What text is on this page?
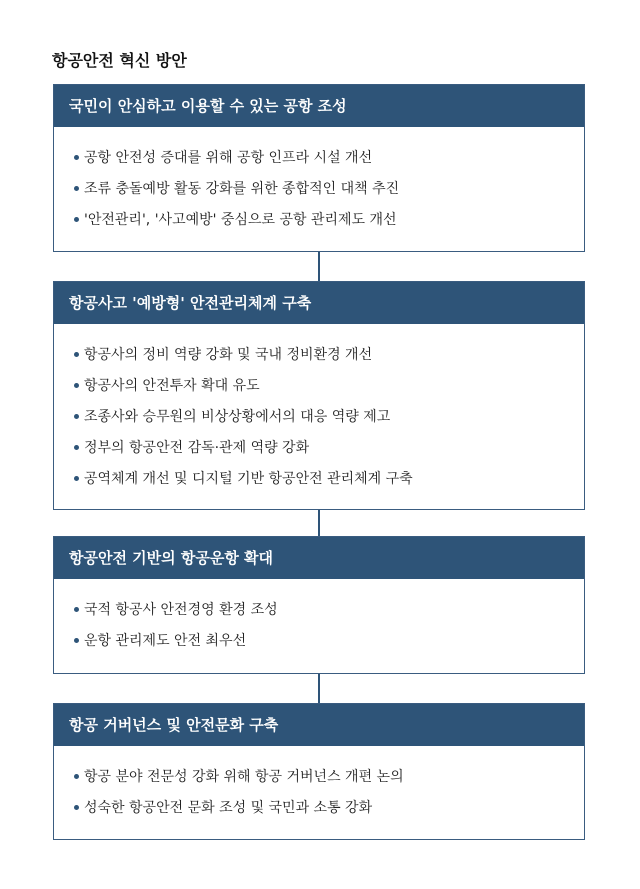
항공안전 혁신 방안
국민이 안심하고 이용할 수 있는 공항 조성
공항 안전성 증대를 위해 공항 인프라 시설 개선
조류 충돌예방 활동 강화를 위한 종합적인 대책 추진
'안전관리', '사고예방' 중심으로 공항 관리제도 개선
항공사고 '예방형' 안전관리체계 구축
항공사의 정비 역량 강화 및 국내 정비환경 개선
항공사의 안전투자 확대 유도
조종사와 승무원의 비상상황에서의 대응 역량 제고
정부의 항공안전 감독·관제 역량 강화
공역체계 개선 및 디지털 기반 항공안전 관리체계 구축
항공안전 기반의 항공운항 확대
국적 항공사 안전경영 환경 조성
운항 관리제도 안전 최우선
항공 거버넌스 및 안전문화 구축
항공 분야 전문성 강화 위해 항공 거버넌스 개편 논의
성숙한 항공안전 문화 조성 및 국민과 소통 강화
